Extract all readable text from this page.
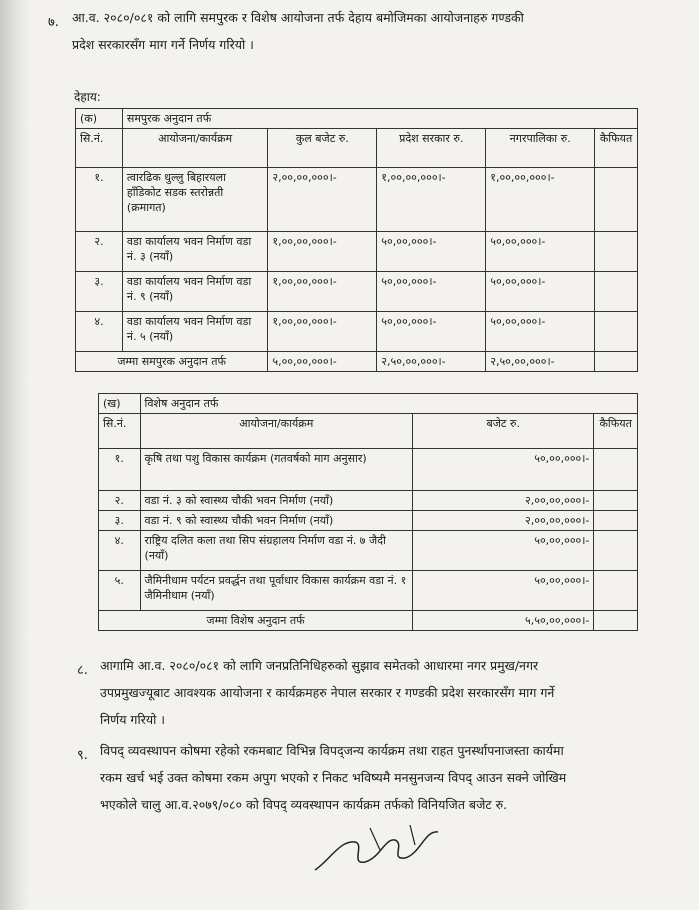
७. आ.व. २०८०/०८१ को लागि समपुरक र विशेष आयोजना तर्फ देहाय बमोजिमका आयोजनाहरु गण्डकी
प्रदेश सरकारसँग माग गर्ने निर्णय गरियो ।
देहाय:
(क)	समपुरक अनुदान तर्फ				
सि.नं.	आयोजना/कार्यक्रम	कुल बजेट रु.	प्रदेश सरकार रु.	नगरपालिका रु.	कैफियत
१.	त्वारढिक धुल्लु बिहारयला हाँडिकोट सडक स्तरोन्नती (क्रमागत)	२,००,००,०००।-	१,००,००,०००।-	१,००,००,०००।-	
२.	वडा कार्यालय भवन निर्माण वडा नं. ३ (नयाँ)	१,००,००,०००।-	५०,००,०००।-	५०,००,०००।-	
३.	वडा कार्यालय भवन निर्माण वडा नं. ९ (नयाँ)	१,००,००,०००।-	५०,००,०००।-	५०,००,०००।-	
४.	वडा कार्यालय भवन निर्माण वडा नं. ५ (नयाँ)	१,००,००,०००।-	५०,००,०००।-	५०,००,०००।-	
जम्मा समपुरक अनुदान तर्फ		५,००,००,०००।-	२,५०,००,०००।-	२,५०,००,०००।-	
(ख)	विशेष अनुदान तर्फ		
सि.नं.	आयोजना/कार्यक्रम	बजेट रु.	कैफियत
१.	कृषि तथा पशु विकास कार्यक्रम (गतवर्षको माग अनुसार)	५०,००,०००।-	
२.	वडा नं. ३ को स्वास्थ्य चौकी भवन निर्माण (नयाँ)	२,००,००,०००।-	
३.	वडा नं. ९ को स्वास्थ्य चौकी भवन निर्माण (नयाँ)	२,००,००,०००।-	
४.	राष्ट्रिय दलित कला तथा सिप संग्रहालय निर्माण वडा नं. ७ जैदी (नयाँ)	५०,००,०००।-	
५.	जैमिनीधाम पर्यटन प्रवर्द्धन तथा पूर्वाधार विकास कार्यक्रम वडा नं. १ जैमिनीधाम (नयाँ)	५०,००,०००।-	
जम्मा विशेष अनुदान तर्फ		५,५०,००,०००।-	
८. आगामि आ.व. २०८०/०८१ को लागि जनप्रतिनिधिहरुको सुझाव समेतको आधारमा नगर प्रमुख/नगर
उपप्रमुखज्यूबाट आवश्यक आयोजना र कार्यक्रमहरु नेपाल सरकार र गण्डकी प्रदेश सरकारसँग माग गर्ने
निर्णय गरियो ।
९. विपद् व्यवस्थापन कोषमा रहेको रकमबाट विभिन्न विपद्जन्य कार्यक्रम तथा राहत पुनर्स्थापनाजस्ता कार्यमा
रकम खर्च भई उक्त कोषमा रकम अपुग भएको र निकट भविष्यमै मनसुनजन्य विपद् आउन सक्ने जोखिम
भएकोले चालु आ.व.२०७९/०८० को विपद् व्यवस्थापन कार्यक्रम तर्फको विनियजित बजेट रु.
